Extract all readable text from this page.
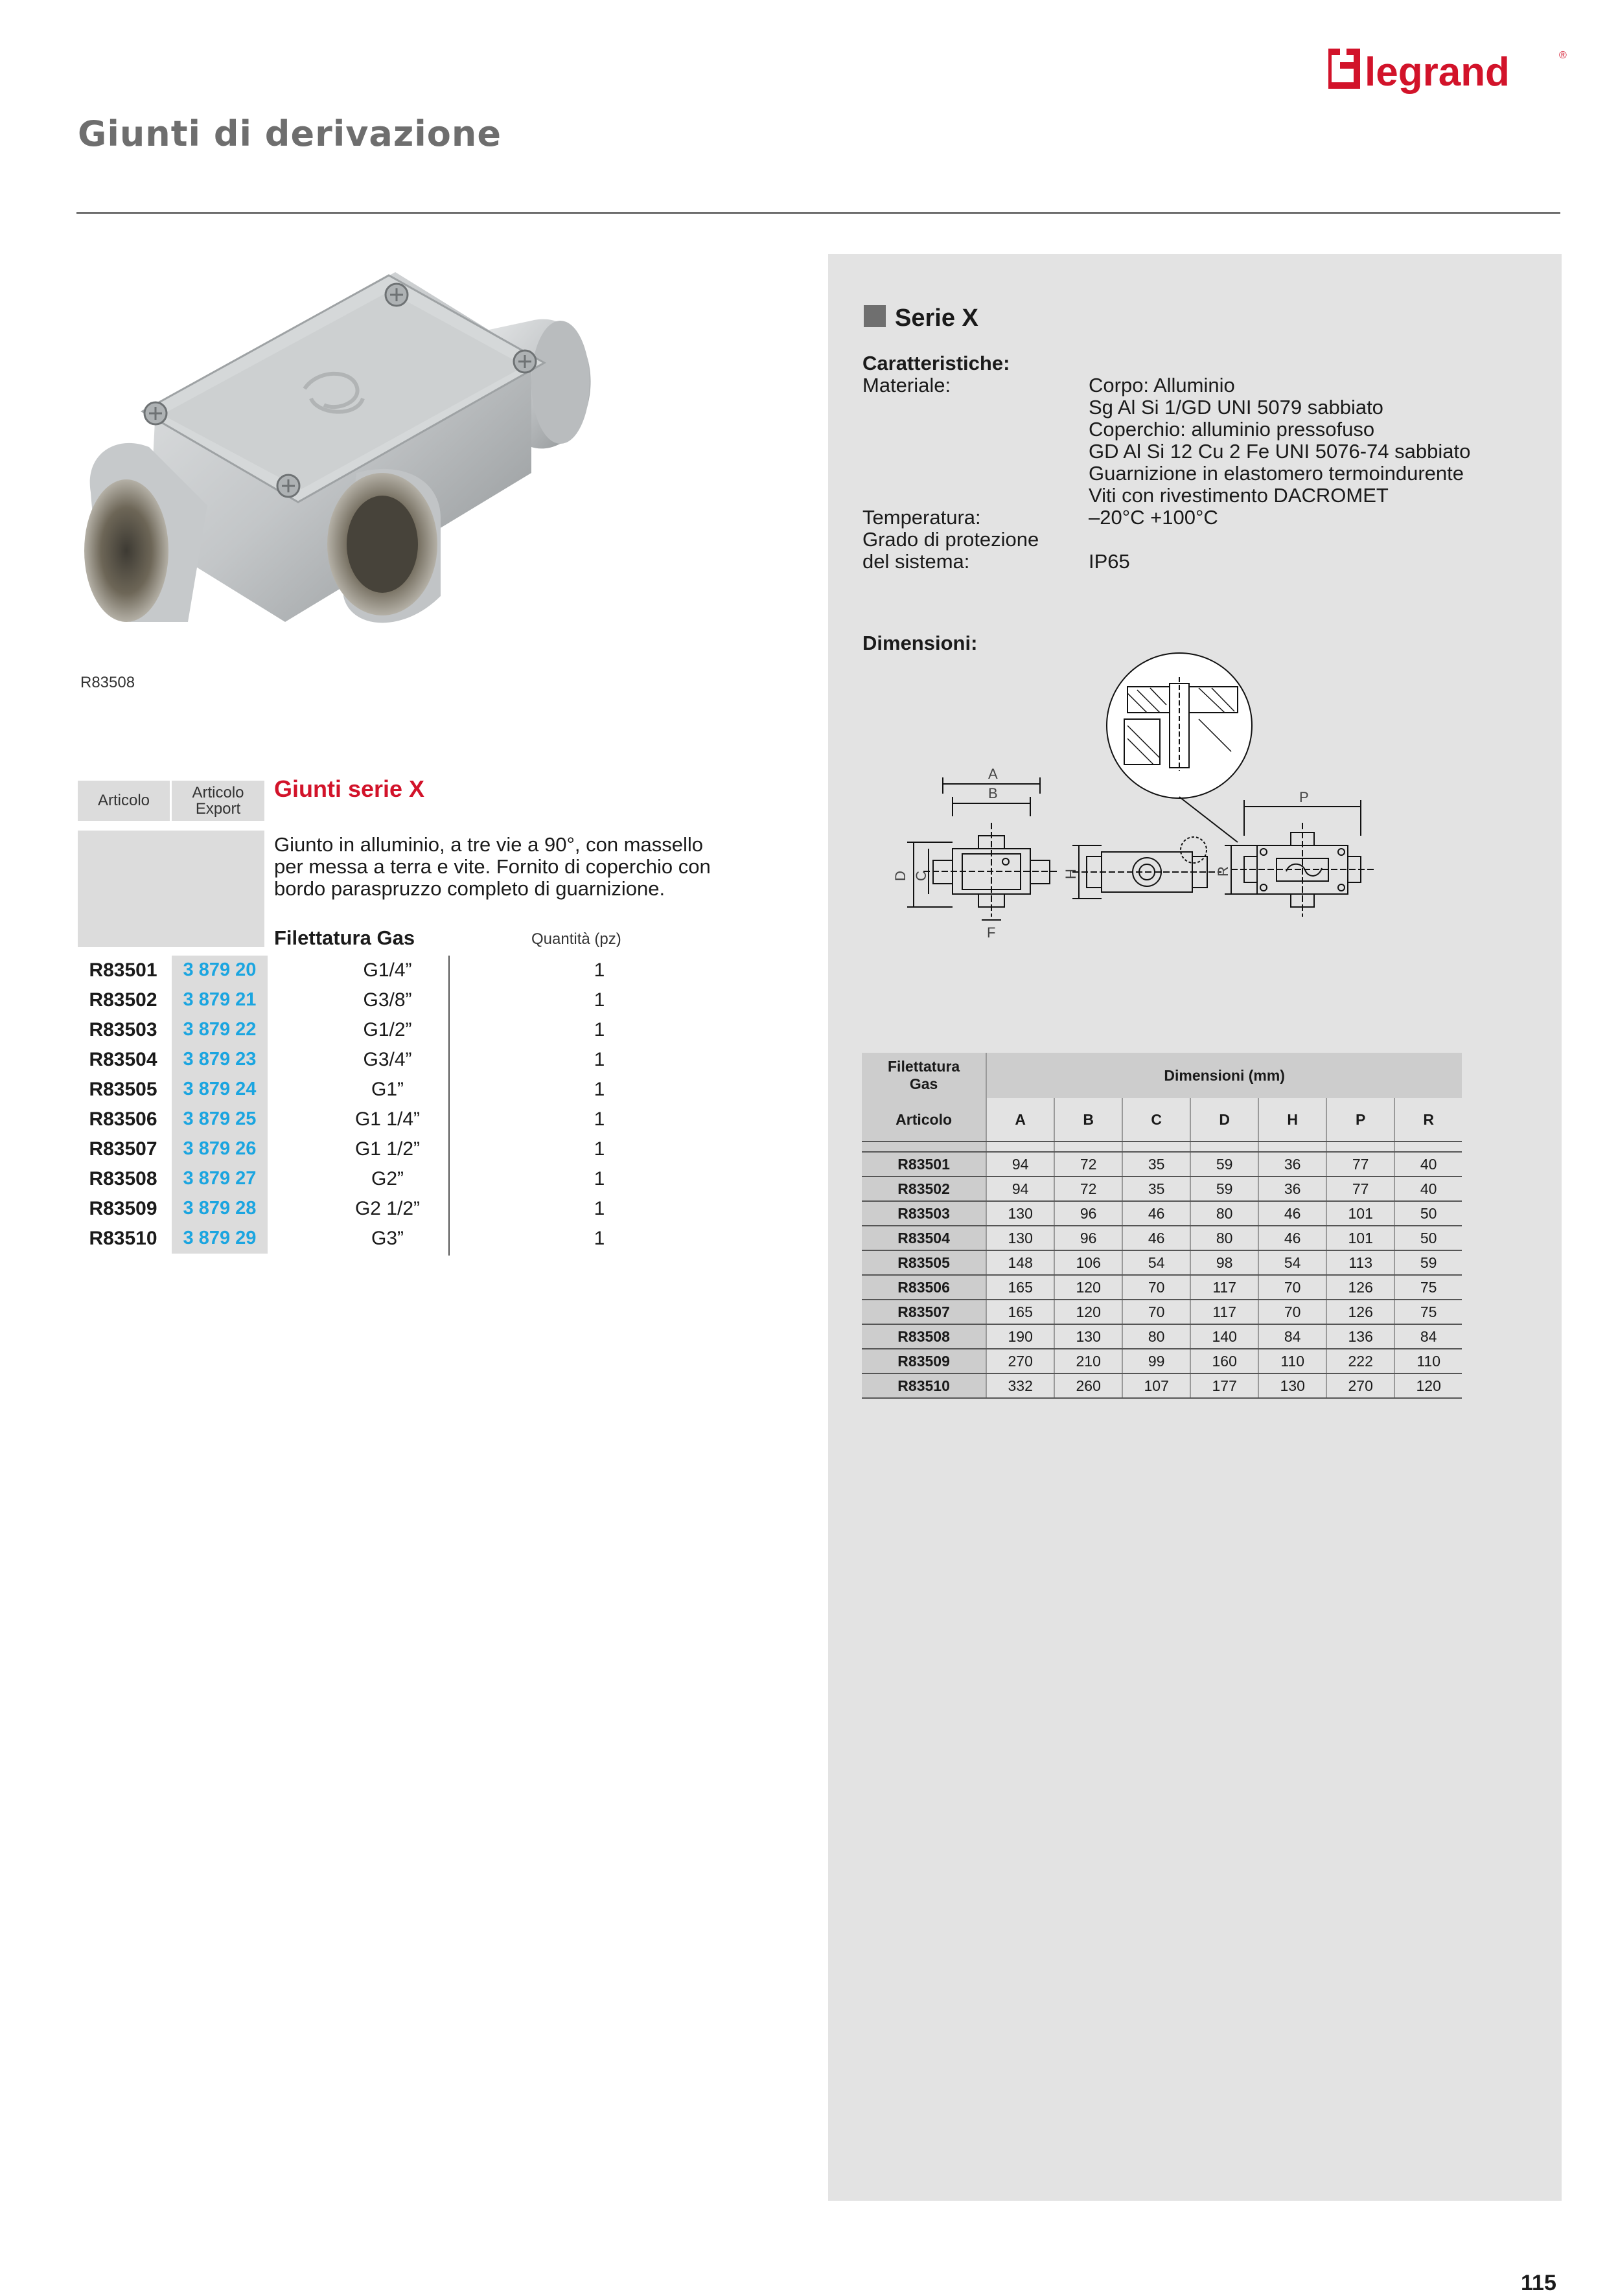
legrand	®
Giunti di derivazione
R83508
Articolo	Articolo Export
Giunti serie X
Giunto in alluminio, a tre vie a 90°, con massello per messa a terra e vite. Fornito di coperchio con bordo paraspruzzo completo di guarnizione.
Filettatura Gas	Quantità (pz)
R83501	3 879 20	G1/4”	1
R83502	3 879 21	G3/8”	1
R83503	3 879 22	G1/2”	1
R83504	3 879 23	G3/4”	1
R83505	3 879 24	G1”	1
R83506	3 879 25	G1 1/4”	1
R83507	3 879 26	G1 1/2”	1
R83508	3 879 27	G2”	1
R83509	3 879 28	G2 1/2”	1
R83510	3 879 29	G3”	1
Serie X
Caratteristiche:
Materiale:	Corpo: Alluminio
Sg Al Si 1/GD UNI 5079 sabbiato
Coperchio: alluminio pressofuso
GD Al Si 12 Cu 2 Fe UNI 5076-74 sabbiato
Guarnizione in elastomero termoindurente
Viti con rivestimento DACROMET
Temperatura:	–20°C +100°C
Grado di protezione
del sistema:	IP65
Dimensioni:
A
B
D C
F
H
P
R
Filettatura Gas	Dimensioni (mm)						
Articolo	A	B	C	D	H	P	R

R83501	94	72	35	59	36	77	40
R83502	94	72	35	59	36	77	40
R83503	130	96	46	80	46	101	50
R83504	130	96	46	80	46	101	50
R83505	148	106	54	98	54	113	59
R83506	165	120	70	117	70	126	75
R83507	165	120	70	117	70	126	75
R83508	190	130	80	140	84	136	84
R83509	270	210	99	160	110	222	110
R83510	332	260	107	177	130	270	120
115
